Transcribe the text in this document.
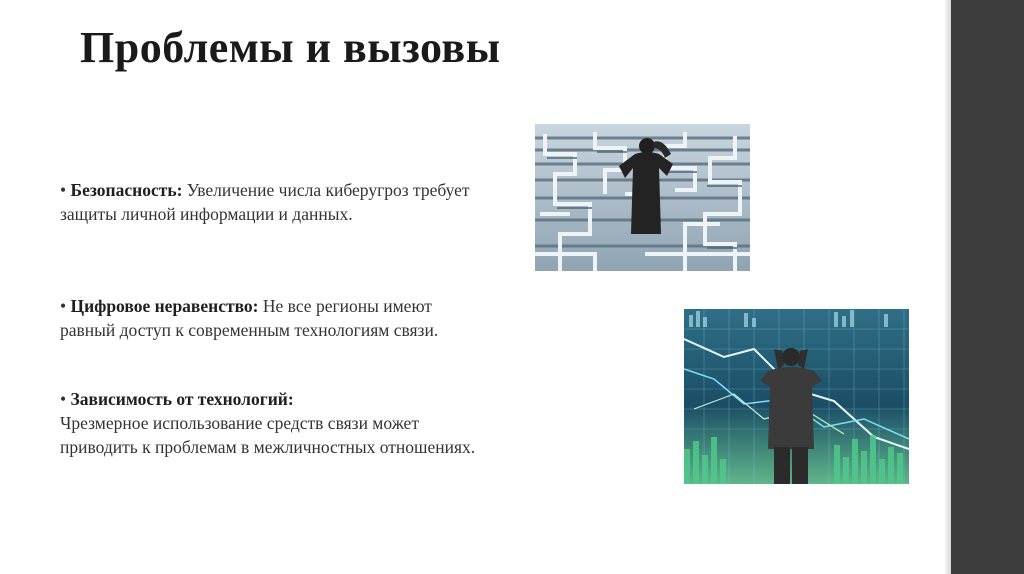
Проблемы и вызовы
• Безопасность: Увеличение числа киберугроз требует защиты личной информации и данных.
• Цифровое неравенство: Не все регионы имеют равный доступ к современным технологиям связи.
• Зависимость от технологий:
Чрезмерное использование средств связи может приводить к проблемам в межличностных отношениях.
